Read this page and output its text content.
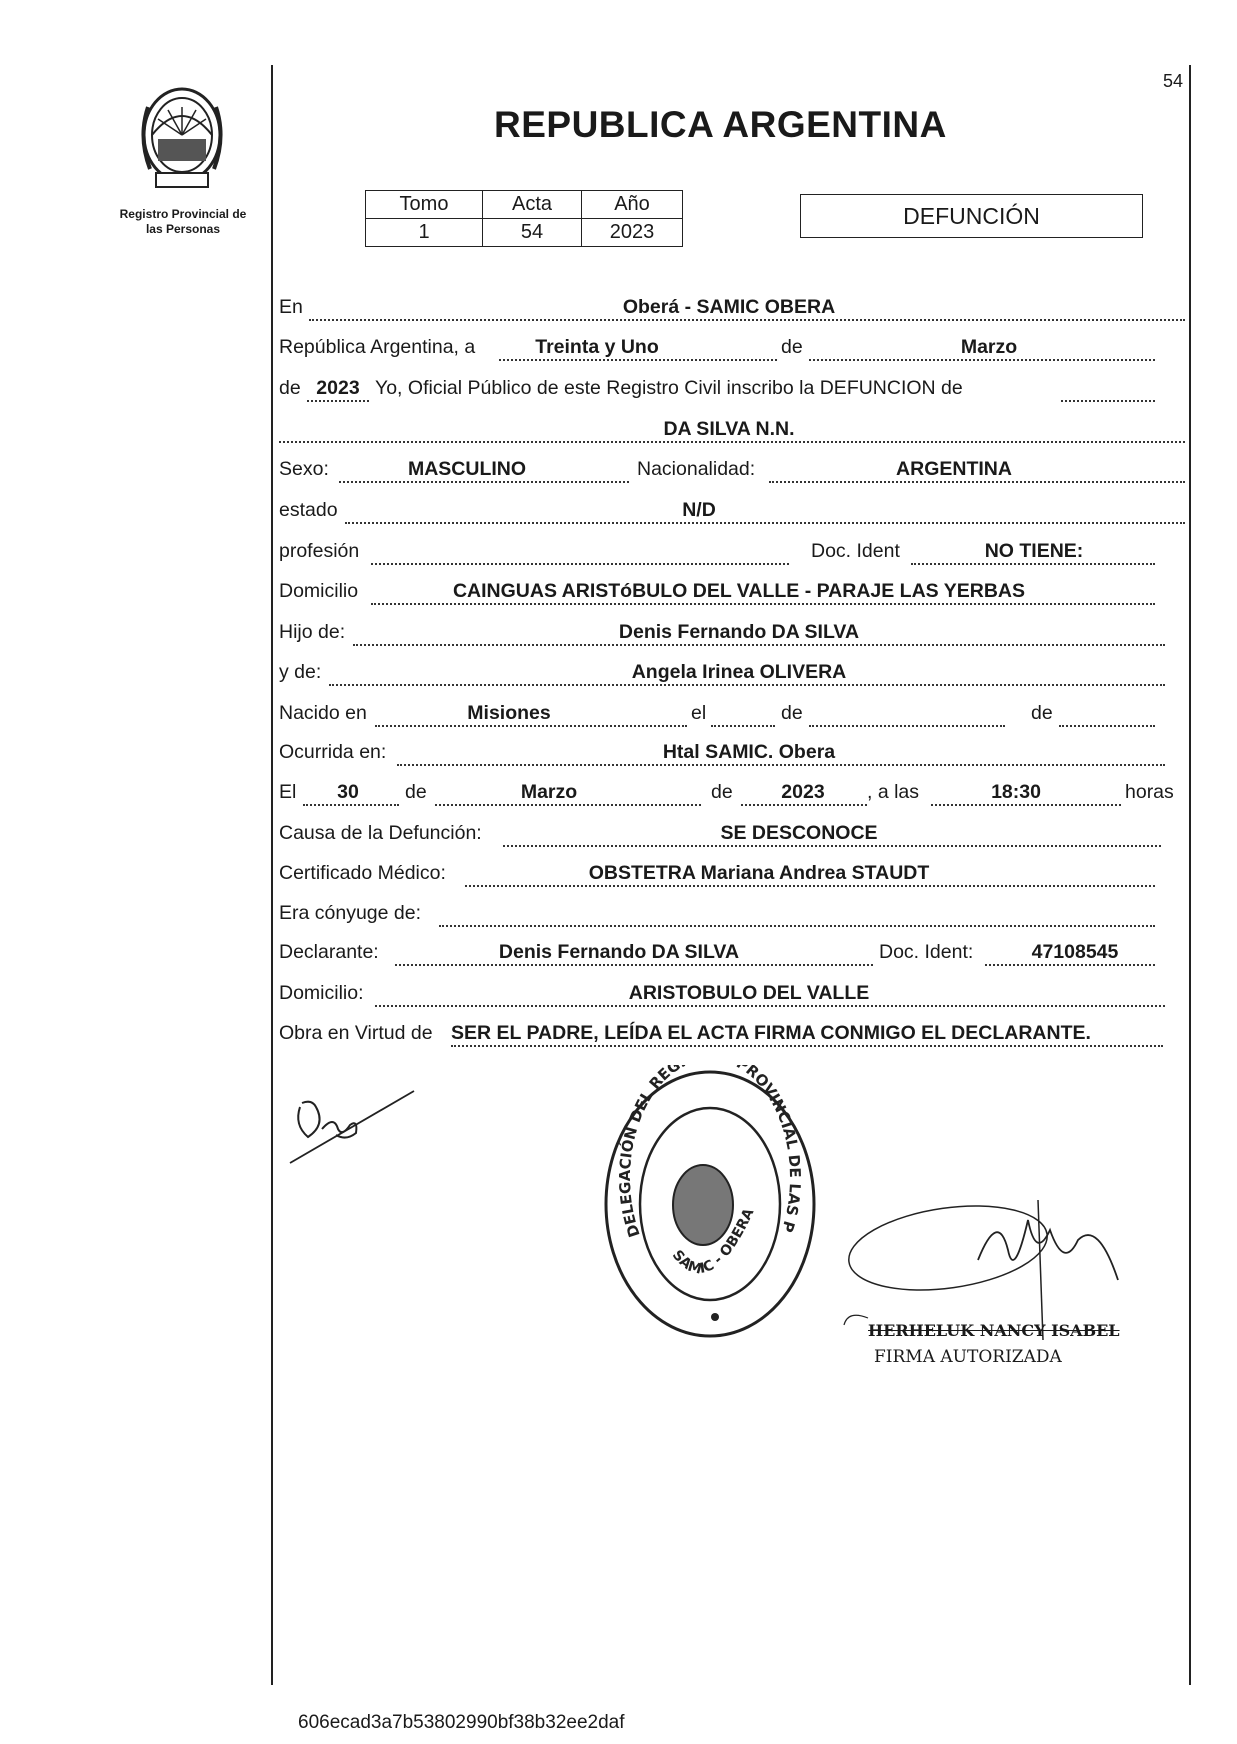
54
Registro Provincial de
las Personas
REPUBLICA ARGENTINA
Tomo	Acta	Año
1	54	2023
DEFUNCIÓN
En	Oberá - SAMIC OBERA
República Argentina, a	Treinta y Uno	de	Marzo
de 2023 Yo, Oficial Público de este Registro Civil inscribo la DEFUNCION de
DA SILVA N.N.
Sexo:	MASCULINO	Nacionalidad:	ARGENTINA
estado	N/D
profesión	Doc. Ident	NO TIENE:
Domicilio	CAINGUAS ARISTóBULO DEL VALLE - PARAJE LAS YERBAS
Hijo de:	Denis Fernando DA SILVA
y de:	Angela Irinea OLIVERA
Nacido en	Misiones	el	de	de
Ocurrida en:	Htal SAMIC. Obera
El	30	de	Marzo	de	2023	, a las	18:30	horas
Causa de la Defunción:	SE DESCONOCE
Certificado Médico:	OBSTETRA Mariana Andrea STAUDT
Era cónyuge de:
Declarante:	Denis Fernando DA SILVA	Doc. Ident:	47108545
Domicilio:	ARISTOBULO DEL VALLE
Obra en Virtud de SER EL PADRE, LEÍDA EL ACTA FIRMA CONMIGO EL DECLARANTE.
DELEGACIÓN DEL REG ROVINCIAL DE LAS P
SAMIC - OBERA
HERHELUK NANCY ISABEL
FIRMA AUTORIZADA
606ecad3a7b53802990bf38b32ee2daf
